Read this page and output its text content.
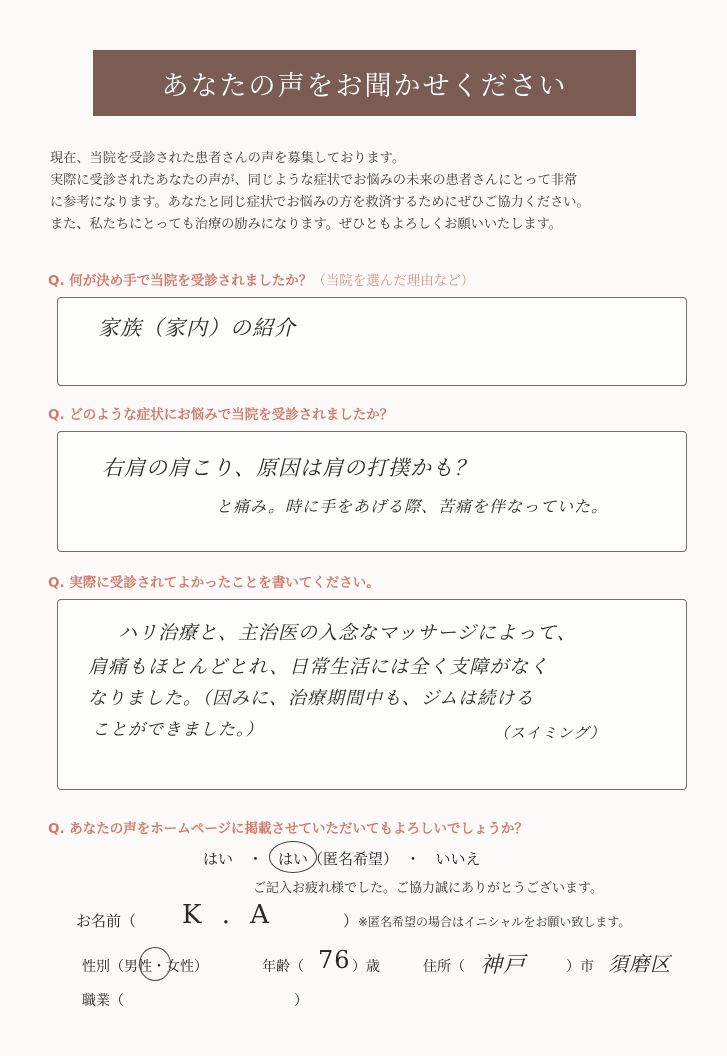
あなたの声をお聞かせください

現在、当院を受診された患者さんの声を募集しております。

実際に受診されたあなたの声が、同じような症状でお悩みの未来の患者さんにとって非常

に参考になります。あなたと同じ症状でお悩みの方を救済するためにぜひご協力ください。

また、私たちにとっても治療の励みになります。ぜひともよろしくお願いいたします。

Q. 何が決め手で当院を受診されましたか？（当院を選んだ理由など）
家族（家内）の紹介
Q. どのような症状にお悩みで当院を受診されましたか？
右肩の肩こり、原因は肩の打撲かも？
と痛み。時に手をあげる際、苦痛を伴なっていた。
Q. 実際に受診されてよかったことを書いてください。
ハリ治療と、主治医の入念なマッサージによって、
肩痛もほとんどとれ、日常生活には全く支障がなく
なりました。（因みに、治療期間中も、ジムは続ける
ことができました。）	（スイミング）
Q. あなたの声をホームページに掲載させていただいてもよろしいでしょうか？
はい　・　はい（匿名希望）　・　いいえ
ご記入お疲れ様でした。ご協力誠にありがとうございます。
お名前（ K . A	） ※匿名希望の場合はイニシャルをお願い致します。
性別（男性・女性）	年齢（ 76 ）歳	住所（ 神戸	）市 須磨区
職業（	）
